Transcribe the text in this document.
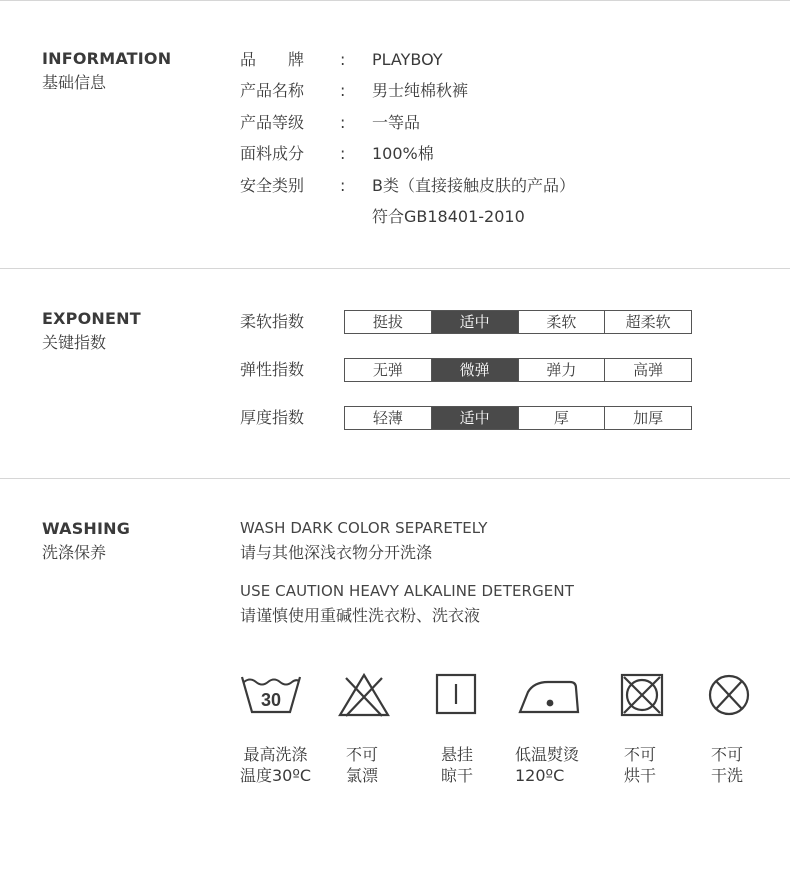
INFORMATION
基础信息
品　　牌	: PLAYBOY
产品名称	: 男士纯棉秋裤
产品等级	: 一等品
面料成分	: 100%棉
安全类别	: B类（直接接触皮肤的产品）
符合GB18401-2010
EXPONENT
关键指数
柔软指数	挺拔	适中	柔软	超柔软
弹性指数	无弹	微弹	弹力	高弹
厚度指数	轻薄	适中	厚	加厚
WASHING
洗涤保养
WASH DARK COLOR SEPARETELY
请与其他深浅衣物分开洗涤
USE CAUTION HEAVY ALKALINE DETERGENT
请谨慎使用重碱性洗衣粉、洗衣液
30
最高洗涤
温度30ºC
不可
氯漂
悬挂
晾干
低温熨烫
120ºC
不可
烘干
不可
干洗
